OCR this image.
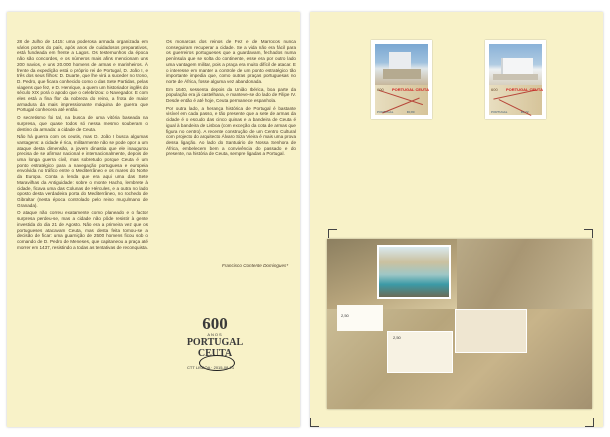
28 de Julho de 1415: uma poderosa armada organizada em vários portos do país, após anos de cuidadosos preparativos, está fundeada em frente a Lagos. Os testemunhos da época não são concordes, e os números mais afins mencionam uns 200 navios, e uns 20.000 homens de armas e marinheiros. À frente da expedição está o próprio rei de Portugal, D. João I, e três dos seus filhos: D. Duarte, que lhe virá a suceder no trono, D. Pedro, que ficara conhecido como o das Sete Partidas, pelas viagens que fez, e D. Henrique, a quem um historiador inglês do século XIX porá o apodo que o celebrizou: o Navegador. E com eles está a fina flor da nobreza do reino, a frota de maior armadura da mais impressionante máquina de guerra que Portugal conhecera até então.

O secretismo foi tal, na busca de uma vitória baseada na surpresa, que quase todos só nessa mesmo souberam o destino da armada: a cidade de Ceuta.

Não há guerra com os ceutis, mas D. João I busca algumas vantagens: a cidade é rica, militarmente não se pode opor a um ataque desta dimensão, a jovem dinastia que ele inaugurou precisa de se afirmar nacional e internacionalmente, depois de uma longa guerra civil, mas sobretudo porque Ceuta é um ponto estratégico para a navegação portuguesa e europeia envolvida no tráfico entre o Mediterrâneo e os mares do Norte da Europa. Conta a lenda que era aqui uma das Sete Maravilhas da Antiguidade: sobre o monte Hacho, lembrete à cidade, ficava uma das Colunas de Hércules, e a outra no lado oposto desta verdadeira porta do Mediterrâneo, no rochedo de Gibraltar (nesta época controlado pelo reino muçulmano de Granada).

O ataque não correu exatamente como planeado e o factor surpresa perdeu-se, mas a cidade não pôde resistir à gente investida do dia 21 de Agosto. Não era a primeira vez que os portugueses atacavam Ceuta, mas desta feita tomou-se a decisão de ficar: uma guarnição de 2500 homens ficou sob o comando de D. Pedro de Meneses, que capitaneou a praça até morrer em 1437, resistindo a todas as tentativas de reconquista.

Os monarcas dos reinos de Fez e de Marrocos nunca conseguiram recuperar a cidade. Se a vida não era fácil para os guerreiros portugueses que a guardavam, fechados numa península que se solta do continente, esse era por outro lado uma vantagem militar, pois a praça era muito difícil de atacar. E o interesse em manter a controle de um ponto estratégico tão importante impedia que, como outras praças portuguesas no norte de África, fosse alguma vez abandonada.

Em 1640, sessenta depois da União Ibérica, boa parte da população era já castelhana, e manteve-se do lado de Filipe IV. Desde então é até hoje, Ceuta permanece espanhola.

Por outra lado, a herança histórica de Portugal é bastante visível em cada passo, e tão presente que a sete de armas da cidade é o escudo das cinco quinas e a bandeira de Ceuta é igual à bandeira de Lisboa (com exceção da cota de armas que figura no centro). A recente construção de um Centro Cultural com projecto do arquitecto Álvaro Siza Vieira é mais uma prova dessa ligação. Ao lado do Santuário de Nossa Senhora de África, embelecem bem a convivência do passado e do presente, na história de Ceuta, sempre ligadas a Portugal.

Francisco Contente Domingues*
600
ANOS
PORTUGAL
CEUTA
CTT LISBOA · 2015-08-21
600 PORTUGAL CEUTA
PORTUGAL	€0,80
600 PORTUGAL CEUTA
PORTUGAL	€0,72
2,50
2,50
